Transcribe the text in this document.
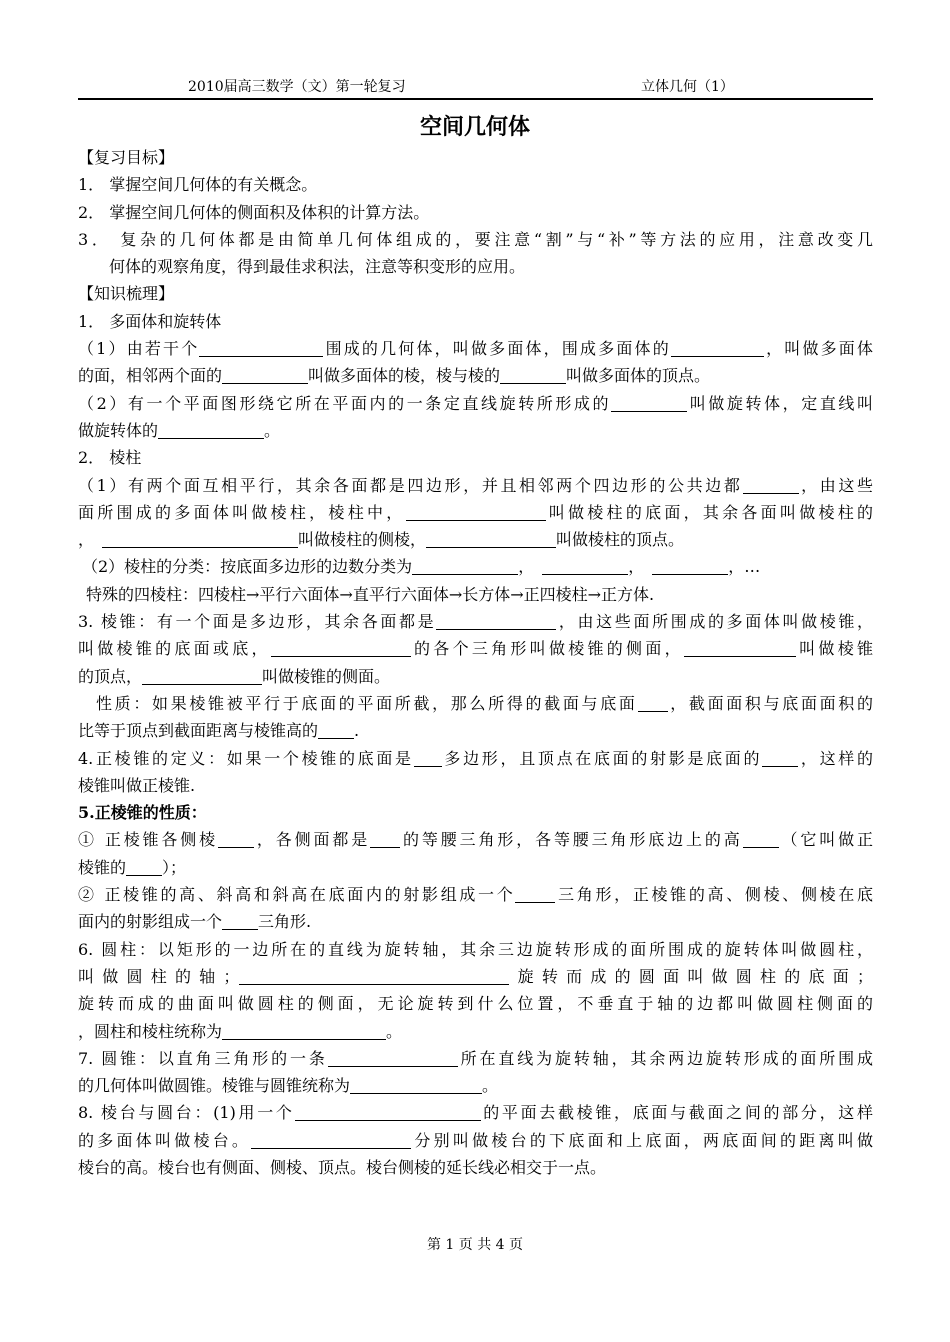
2010届高三数学（文）第一轮复习	立体几何（1）
空间几何体
【复习目标】
1． 掌握空间几何体的有关概念。
2． 掌握空间几何体的侧面积及体积的计算方法。
3． 复杂的几何体都是由简单几何体组成的，要注意“割”与“补”等方法的应用，注意改变几
何体的观察角度，得到最佳求积法，注意等积变形的应用。
【知识梳理】
1． 多面体和旋转体
（1）由若干个	围成的几何体，叫做多面体，围成多面体的	，叫做多面体
的面，相邻两个面的	叫做多面体的棱，棱与棱的	叫做多面体的顶点。
（2）有一个平面图形绕它所在平面内的一条定直线旋转所形成的	叫做旋转体，定直线叫
做旋转体的	。
2． 棱柱
（1）有两个面互相平行，其余各面都是四边形，并且相邻两个四边形的公共边都	，由这些
面所围成的多面体叫做棱柱，棱柱中，	叫做棱柱的底面，其余各面叫做棱柱的
，	叫做棱柱的侧棱，	叫做棱柱的顶点。
（2）棱柱的分类：按底面多边形的边数分类为	，	，	，…
特殊的四棱柱：四棱柱→平行六面体→直平行六面体→长方体→正四棱柱→正方体.
3. 棱锥：有一个面是多边形，其余各面都是	，由这些面所围成的多面体叫做棱锥，
叫做棱锥的底面或底，	的各个三角形叫做棱锥的侧面，	叫做棱锥
的顶点，	叫做棱锥的侧面。
性质：如果棱锥被平行于底面的平面所截，那么所得的截面与底面 ，截面面积与底面面积的
比等于顶点到截面距离与棱锥高的 .
4.正棱锥的定义：如果一个棱锥的底面是 多边形，且顶点在底面的射影是底面的 ，这样的
棱锥叫做正棱锥.
5.正棱锥的性质：
① 正棱锥各侧棱 ，各侧面都是 的等腰三角形，各等腰三角形底边上的高 （它叫做正
棱锥的 ）；
② 正棱锥的高、斜高和斜高在底面内的射影组成一个	三角形，正棱锥的高、侧棱、侧棱在底
面内的射影组成一个 三角形.
6. 圆柱：以矩形的一边所在的直线为旋转轴，其余三边旋转形成的面所围成的旋转体叫做圆柱，
叫做圆柱的轴；	旋转而成的圆面叫做圆柱的底面；
旋转而成的曲面叫做圆柱的侧面，无论旋转到什么位置，不垂直于轴的边都叫做圆柱侧面的
，圆柱和棱柱统称为	。
7. 圆锥：以直角三角形的一条	所在直线为旋转轴，其余两边旋转形成的面所围成
的几何体叫做圆锥。棱锥与圆锥统称为	。
8. 棱台与圆台：(1)用一个	的平面去截棱锥，底面与截面之间的部分，这样
的多面体叫做棱台。	分别叫做棱台的下底面和上底面，两底面间的距离叫做
棱台的高。棱台也有侧面、侧棱、顶点。棱台侧棱的延长线必相交于一点。
第 1 页 共 4 页
